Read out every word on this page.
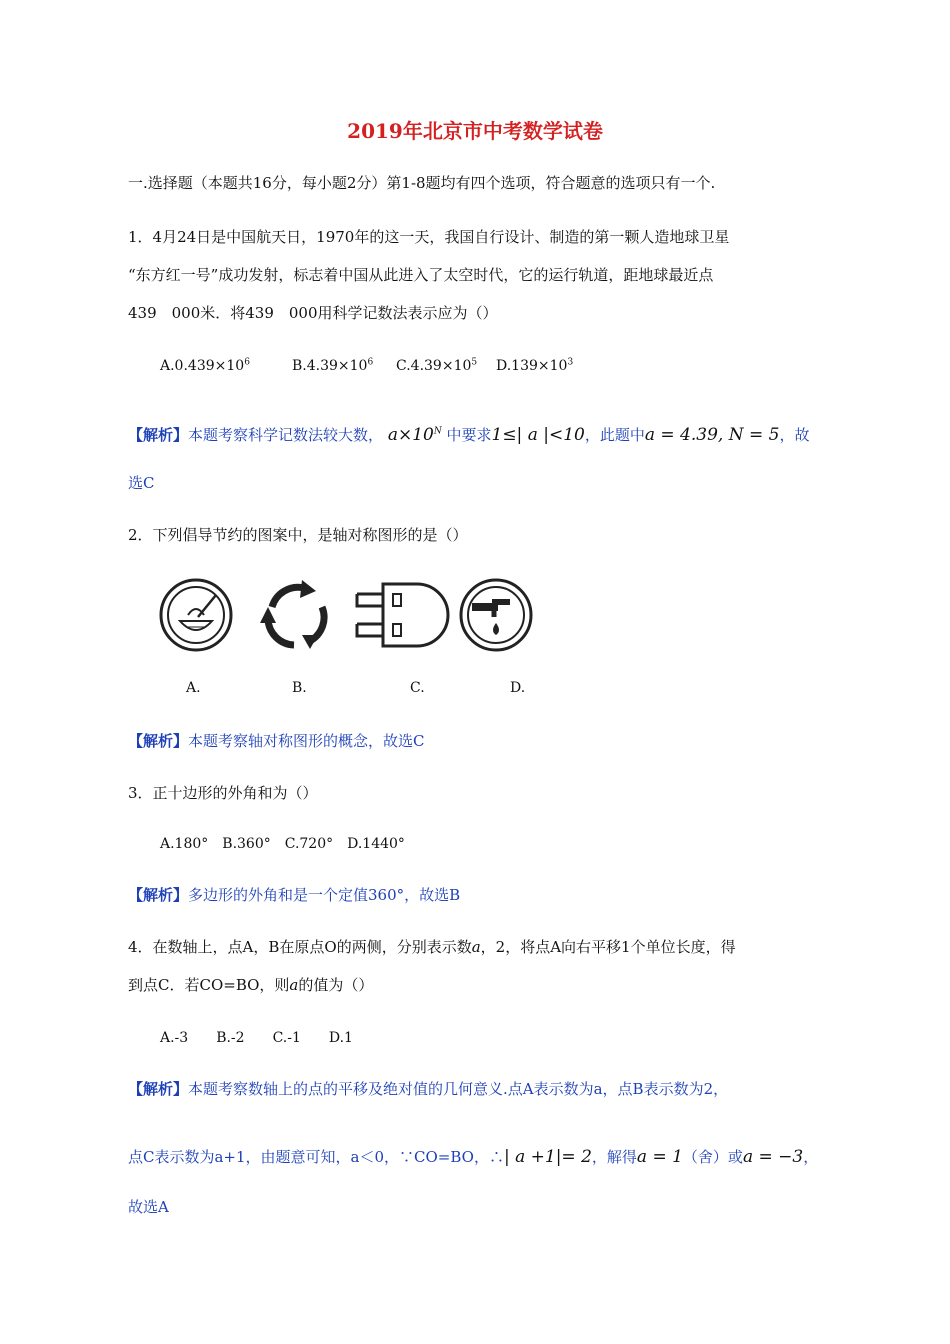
2019年北京市中考数学试卷
一.选择题（本题共16分，每小题2分）第1-8题均有四个选项，符合题意的选项只有一个.
1．4月24日是中国航天日，1970年的这一天，我国自行设计、制造的第一颗人造地球卫星
“东方红一号”成功发射，标志着中国从此进入了太空时代，它的运行轨道，距地球最近点
439　000米．将439　000用科学记数法表示应为（）
$A.0.439\times 10^6$	$B.4.39\times 10^6$ $C.4.39\times 10^5$ $D.139\times 10^3$
【解析】本题考察科学记数法较大数， $a\times 10^N$ 中要求1≤| a |<10，此题中a = 4.39, N = 5，故
选C
2．下列倡导节约的图案中，是轴对称图形的是（）
A.	B.	C.	D.
【解析】本题考察轴对称图形的概念，故选C
3．正十边形的外角和为（）
A.180°　B.360°　C.720°　D.1440°
【解析】多边形的外角和是一个定值360°，故选B
4．在数轴上，点A，B在原点O的两侧，分别表示数a，2，将点A向右平移1个单位长度，得
到点C．若CO=BO，则a的值为（）
A.-3　　B.-2　　C.-1　　D.1
【解析】本题考察数轴上的点的平移及绝对值的几何意义.点A表示数为a，点B表示数为2，
点C表示数为a+1，由题意可知，a＜0，∵CO=BO，∴| a +1|= 2，解得a = 1（舍）或a = −3，
故选A
